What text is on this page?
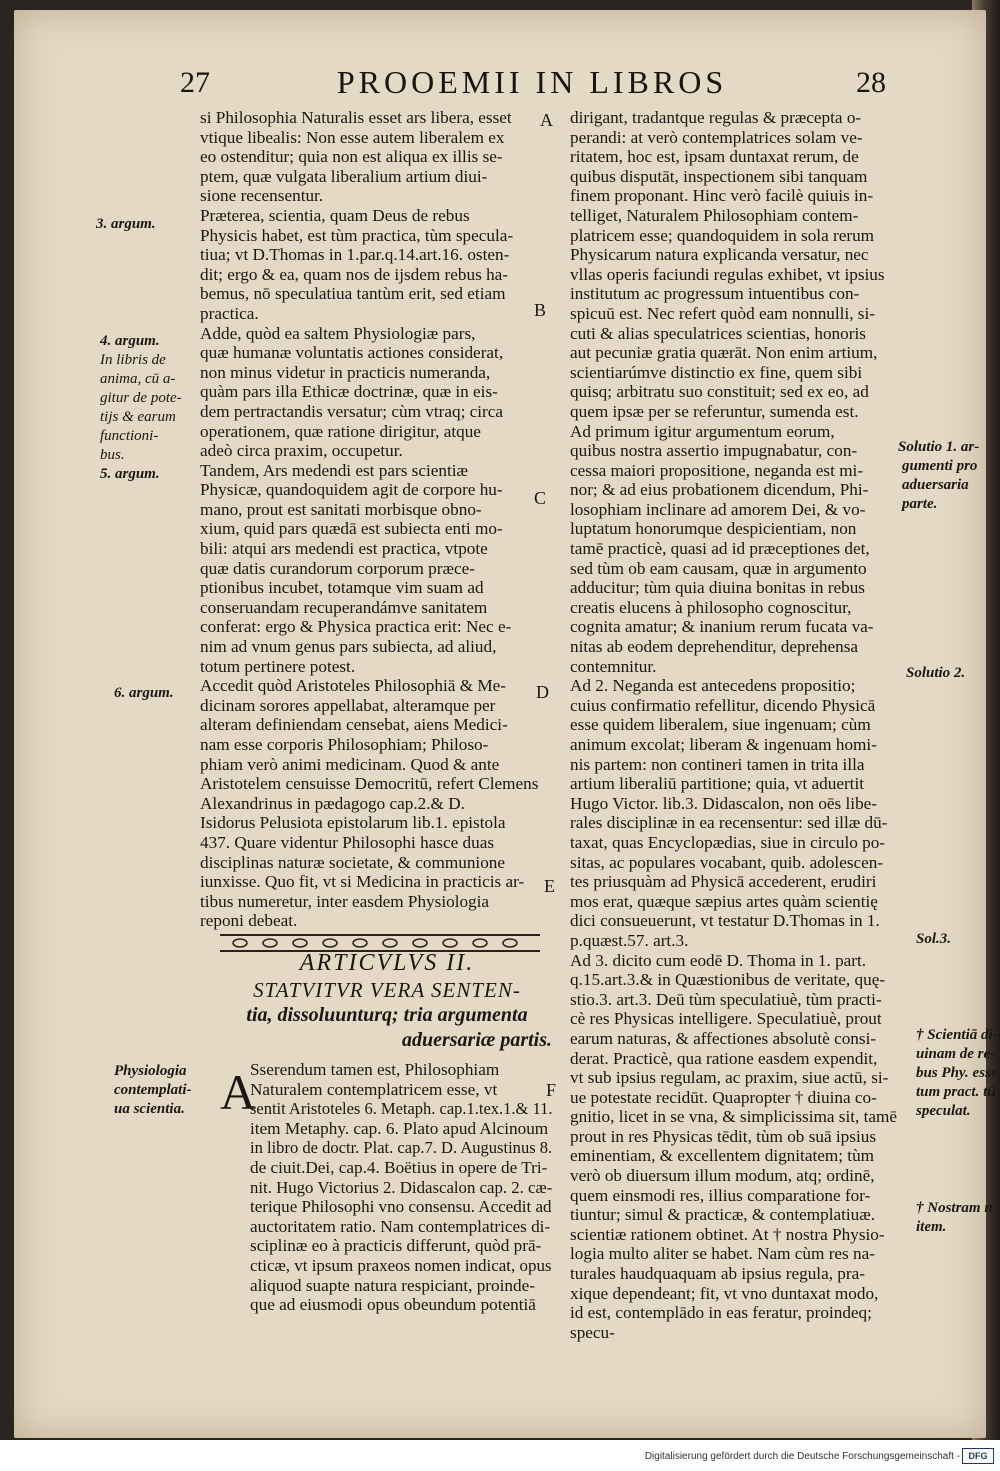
27	PROOEMII IN LIBROS	28
si Philosophia Naturalis esset ars libera, esset
vtique libealis: Non esse autem liberalem ex
eo ostenditur; quia non est aliqua ex illis se-
ptem, quæ vulgata liberalium artium diui-
sione recensentur.
Præterea, scientia, quam Deus de rebus
Physicis habet, est tùm practica, tùm specula-
tiua; vt D.Thomas in 1.par.q.14.art.16. osten-
dit; ergo & ea, quam nos de ijsdem rebus ha-
bemus, nō speculatiua tantùm erit, sed etiam
practica.
Adde, quòd ea saltem Physiologiæ pars,
quæ humanæ voluntatis actiones considerat,
non minus videtur in practicis numeranda,
quàm pars illa Ethicæ doctrinæ, quæ in eis-
dem pertractandis versatur; cùm vtraq; circa
operationem, quæ ratione dirigitur, atque
adeò circa praxim, occupetur.
Tandem, Ars medendi est pars scientiæ
Physicæ, quandoquidem agit de corpore hu-
mano, prout est sanitati morbisque obno-
xium, quid pars quædā est subiecta enti mo-
bili: atqui ars medendi est practica, vtpote
quæ datis curandorum corporum præce-
ptionibus incubet, totamque vim suam ad
conseruandam recuperandámve sanitatem
conferat: ergo & Physica practica erit: Nec e-
nim ad vnum genus pars subiecta, ad aliud,
totum pertinere potest.
Accedit quòd Aristoteles Philosophiā & Me-
dicinam sorores appellabat, alteramque per
alteram definiendam censebat, aiens Medici-
nam esse corporis Philosophiam; Philoso-
phiam verò animi medicinam. Quod & ante
Aristotelem censuisse Democritū, refert Clemens
Alexandrinus in pædagogo cap.2.& D.
Isidorus Pelusiota epistolarum lib.1. epistola
437. Quare videntur Philosophi hasce duas
disciplinas naturæ societate, & communione
iunxisse. Quo fit, vt si Medicina in practicis ar-
tibus numeretur, inter easdem Physiologia
reponi debeat.
ARTICVLVS II.
STATVITVR VERA SENTEN-
tia, dissoluunturq; tria argumenta
aduersariæ partis.
A
Sserendum tamen est, Philosophiam
Naturalem contemplatricem esse, vt
sentit Aristoteles 6. Metaph. cap.1.tex.1.& 11.
item Metaphy. cap. 6. Plato apud Alcinoum
in libro de doctr. Plat. cap.7. D. Augustinus 8.
de ciuit.Dei, cap.4. Boëtius in opere de Tri-
nit. Hugo Victorius 2. Didascalon cap. 2. cæ-
terique Philosophi vno consensu. Accedit ad
auctoritatem ratio. Nam contemplatrices di-
sciplinæ eo à practicis differunt, quòd prā-
cticæ, vt ipsum praxeos nomen indicat, opus
aliquod suapte natura respiciant, proinde-
que ad eiusmodi opus obeundum potentiā
dirigant, tradantque regulas & præcepta o-
perandi: at verò contemplatrices solam ve-
ritatem, hoc est, ipsam duntaxat rerum, de
quibus disputāt, inspectionem sibi tanquam
finem proponant. Hinc verò facilè quiuis in-
telliget, Naturalem Philosophiam contem-
platricem esse; quandoquidem in sola rerum
Physicarum natura explicanda versatur, nec
vllas operis faciundi regulas exhibet, vt ipsius
institutum ac progressum intuentibus con-
spicuū est. Nec refert quòd eam nonnulli, si-
cuti & alias speculatrices scientias, honoris
aut pecuniæ gratia quærāt. Non enim artium,
scientiarúmve distinctio ex fine, quem sibi
quisq; arbitratu suo constituit; sed ex eo, ad
quem ipsæ per se referuntur, sumenda est.
Ad primum igitur argumentum eorum,
quibus nostra assertio impugnabatur, con-
cessa maiori propositione, neganda est mi-
nor; & ad eius probationem dicendum, Phi-
losophiam inclinare ad amorem Dei, & vo-
luptatum honorumque despicientiam, non
tamē practicè, quasi ad id præceptiones det,
sed tùm ob eam causam, quæ in argumento
adducitur; tùm quia diuina bonitas in rebus
creatis elucens à philosopho cognoscitur,
cognita amatur; & inanium rerum fucata va-
nitas ab eodem deprehenditur, deprehensa
contemnitur.
Ad 2. Neganda est antecedens propositio;
cuius confirmatio refellitur, dicendo Physicā
esse quidem liberalem, siue ingenuam; cùm
animum excolat; liberam & ingenuam homi-
nis partem: non contineri tamen in trita illa
artium liberaliū partitione; quia, vt aduertit
Hugo Victor. lib.3. Didascalon, non oēs libe-
rales disciplinæ in ea recensentur: sed illæ dū-
taxat, quas Encyclopædias, siue in circulo po-
sitas, ac populares vocabant, quib. adolescen-
tes priusquàm ad Physicā accederent, erudiri
mos erat, quæque sæpius artes quàm scientię
dici consueuerunt, vt testatur D.Thomas in 1.
p.quæst.57. art.3.
Ad 3. dicito cum eodē D. Thoma in 1. part.
q.15.art.3.& in Quæstionibus de veritate, quę-
stio.3. art.3. Deū tùm speculatiuè, tùm practi-
cè res Physicas intelligere. Speculatiuè, prout
earum naturas, & affectiones absolutè consi-
derat. Practicè, qua ratione easdem expendit,
vt sub ipsius regulam, ac praxim, siue actū, si-
ue potestate recidūt. Quapropter † diuina co-
gnitio, licet in se vna, & simplicissima sit, tamē
prout in res Physicas tēdit, tùm ob suā ipsius
eminentiam, & excellentem dignitatem; tùm
verò ob diuersum illum modum, atq; ordinē,
quem einsmodi res, illius comparatione for-
tiuntur; simul & practicæ, & contemplatiuæ.
scientiæ rationem obtinet. At † nostra Physio-
logia multo aliter se habet. Nam cùm res na-
turales haudquaquam ab ipsius regula, pra-
xique dependeant; fit, vt vno duntaxat modo,
id est, contemplādo in eas feratur, proindeq;
specu-
A
B
C
D
E
F
3. argum.
4. argum.
In libris de
anima, cū a-
gitur de pote-
tijs & earum
functioni-
bus.
5. argum.
6. argum.
Physiologia
contemplati-
ua scientia.
Solutio 1. ar-
gumenti pro
aduersaria
parte.
Solutio 2.
Sol.3.
† Scientiā di-
uinam de re-
bus Phy. esse
tum pract. tū
speculat.
† Nostram n
item.
Digitalisierung gefördert durch die Deutsche Forschungsgemeinschaft - DFG
